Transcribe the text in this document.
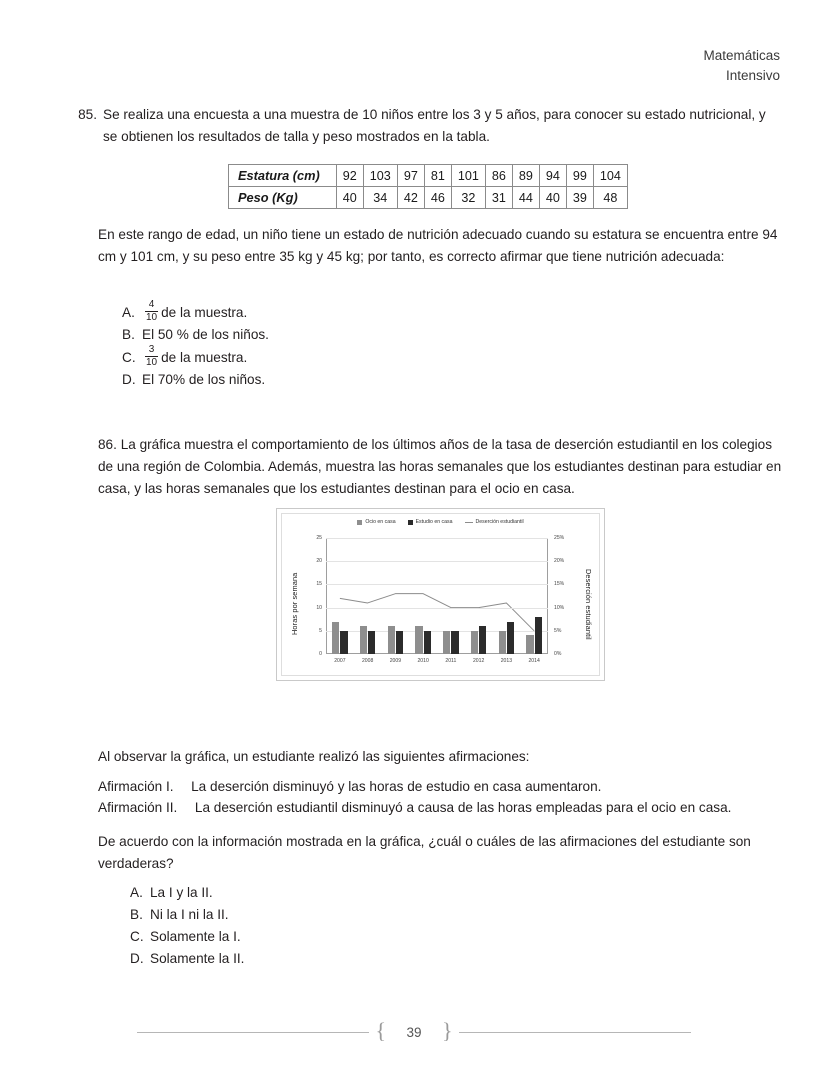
Matemáticas
Intensivo
85. Se realiza una encuesta a una muestra de 10 niños entre los 3 y 5 años, para conocer su estado nutricional, y se obtienen los resultados de talla y peso mostrados en la tabla.
Estatura (cm)	92	103	97	81	101	86	89	94	99	104
Peso (Kg)	40	34	42	46	32	31	44	40	39	48
En este rango de edad, un niño tiene un estado de nutrición adecuado cuando su estatura se encuentra entre 94 cm y 101 cm, y su peso entre 35 kg y 45 kg; por tanto, es correcto afirmar que tiene nutrición adecuada:
A.	$\frac{4}{10}$ de la muestra.
B. El 50 % de los niños.
C. $\frac{3}{10}$ de la muestra.
D. El 70% de los niños.
86. La gráfica muestra el comportamiento de los últimos años de la tasa de deserción estudiantil en los colegios de una región de Colombia. Además, muestra las horas semanales que los estudiantes destinan para estudiar en casa, y las horas semanales que los estudiantes destinan para el ocio en casa.
Ocio en casa	Estudio en casa	Deserción estudiantil
Horas por semana	Deserción estudiantil
0	0%
5	5%
10	10%
15	15%
20	20%
25	25%
2007	2008	2009	2010	2011	2012	2013	2014
Al observar la gráfica, un estudiante realizó las siguientes afirmaciones:
Afirmación I. La deserción disminuyó y las horas de estudio en casa aumentaron.
Afirmación II. La deserción estudiantil disminuyó a causa de las horas empleadas para el ocio en casa.
De acuerdo con la información mostrada en la gráfica, ¿cuál o cuáles de las afirmaciones del estudiante son verdaderas?
A. La I y la II.
B. Ni la I ni la II.
C. Solamente la I.
D. Solamente la II.
{	39 }
